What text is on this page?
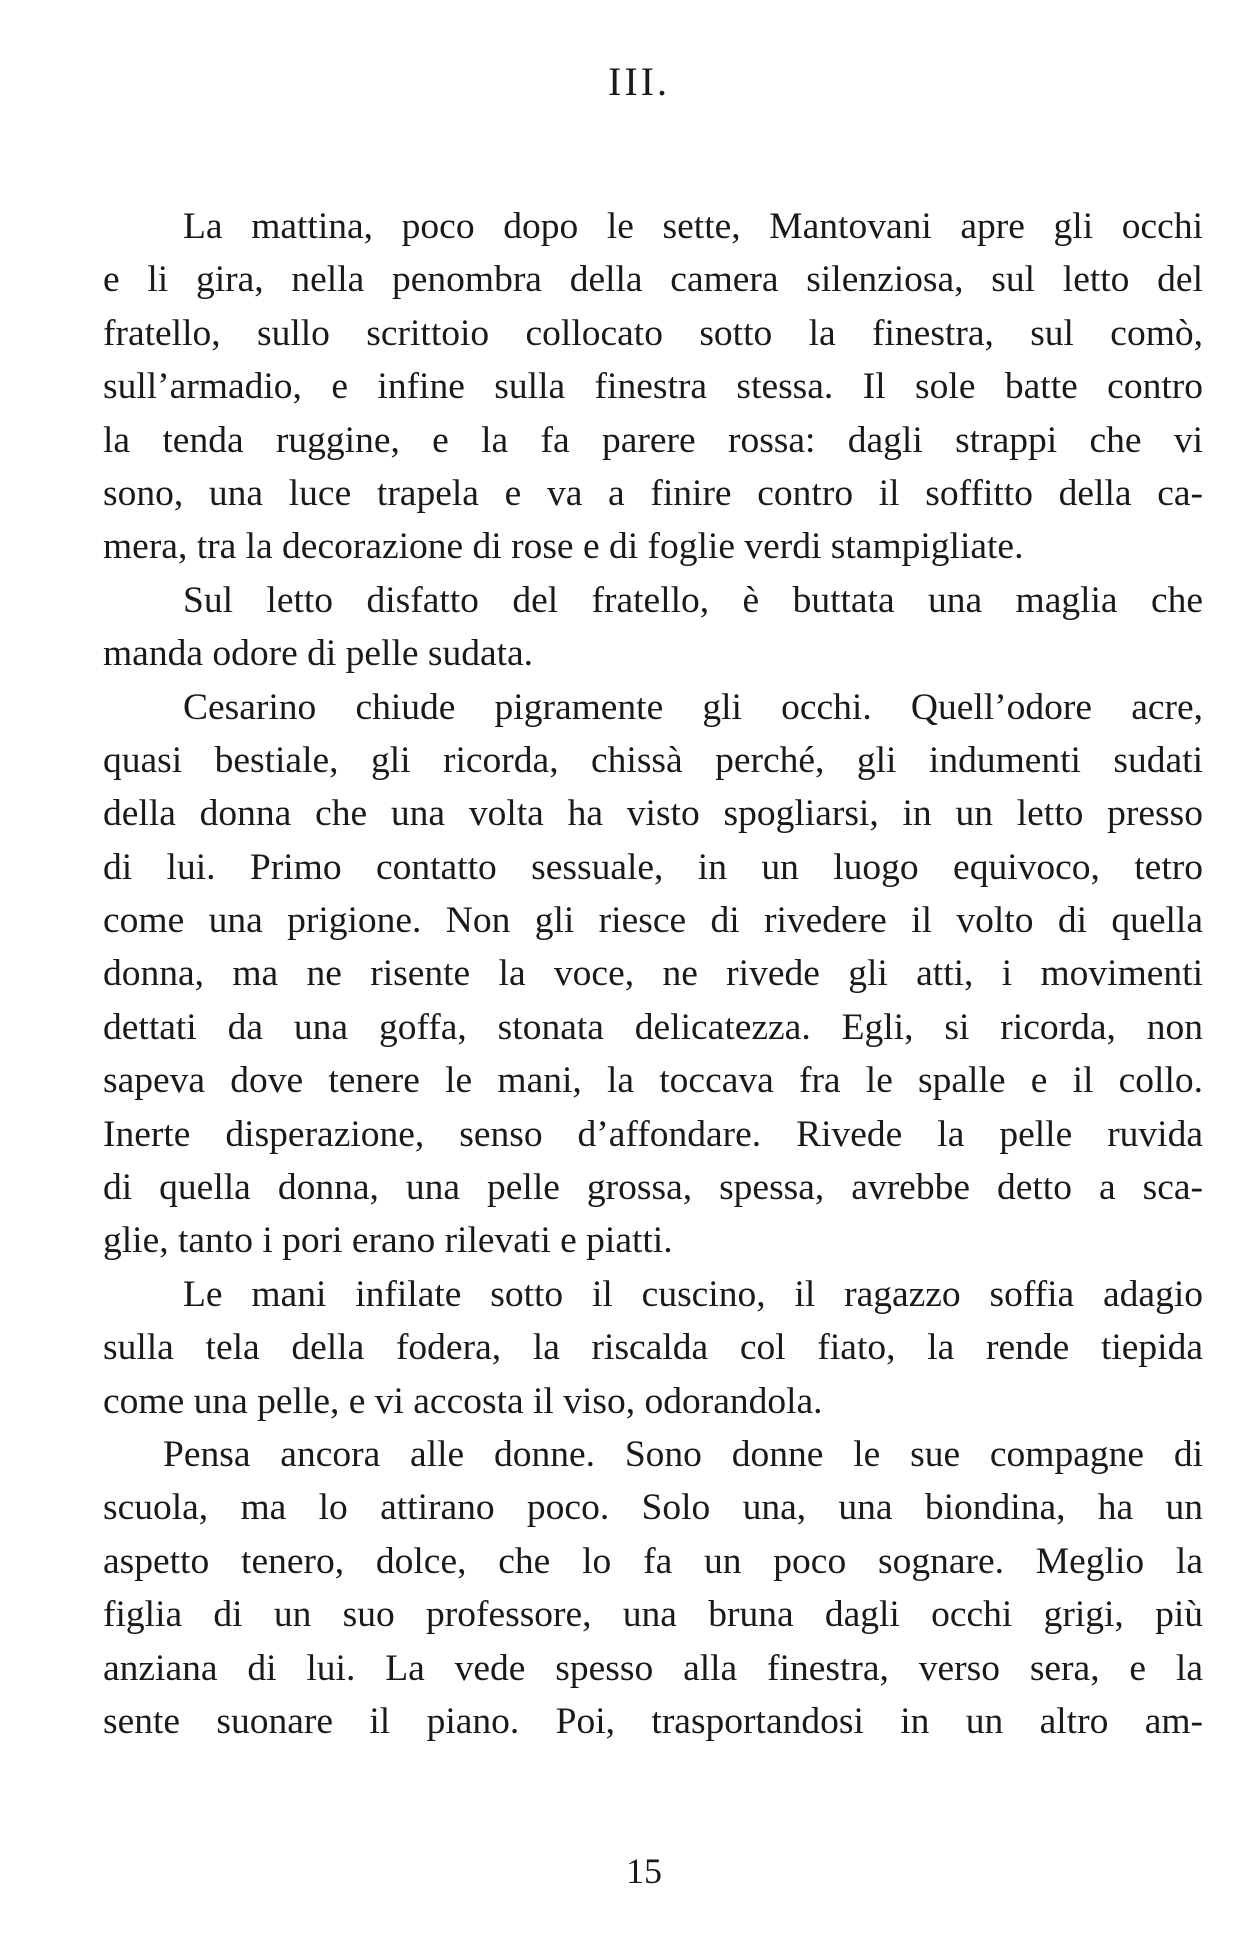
III.
La mattina, poco dopo le sette, Mantovani apre gli occhi
e li gira, nella penombra della camera silenziosa, sul letto del
fratello, sullo scrittoio collocato sotto la finestra, sul comò,
sull’armadio, e infine sulla finestra stessa. Il sole batte contro
la tenda ruggine, e la fa parere rossa: dagli strappi che vi
sono, una luce trapela e va a finire contro il soffitto della ca-
mera, tra la decorazione di rose e di foglie verdi stampigliate.
Sul letto disfatto del fratello, è buttata una maglia che
manda odore di pelle sudata.
Cesarino chiude pigramente gli occhi. Quell’odore acre,
quasi bestiale, gli ricorda, chissà perché, gli indumenti sudati
della donna che una volta ha visto spogliarsi, in un letto presso
di lui. Primo contatto sessuale, in un luogo equivoco, tetro
come una prigione. Non gli riesce di rivedere il volto di quella
donna, ma ne risente la voce, ne rivede gli atti, i movimenti
dettati da una goffa, stonata delicatezza. Egli, si ricorda, non
sapeva dove tenere le mani, la toccava fra le spalle e il collo.
Inerte disperazione, senso d’affondare. Rivede la pelle ruvida
di quella donna, una pelle grossa, spessa, avrebbe detto a sca-
glie, tanto i pori erano rilevati e piatti.
Le mani infilate sotto il cuscino, il ragazzo soffia adagio
sulla tela della fodera, la riscalda col fiato, la rende tiepida
come una pelle, e vi accosta il viso, odorandola.
Pensa ancora alle donne. Sono donne le sue compagne di
scuola, ma lo attirano poco. Solo una, una biondina, ha un
aspetto tenero, dolce, che lo fa un poco sognare. Meglio la
figlia di un suo professore, una bruna dagli occhi grigi, più
anziana di lui. La vede spesso alla finestra, verso sera, e la
sente suonare il piano. Poi, trasportandosi in un altro am-
15
